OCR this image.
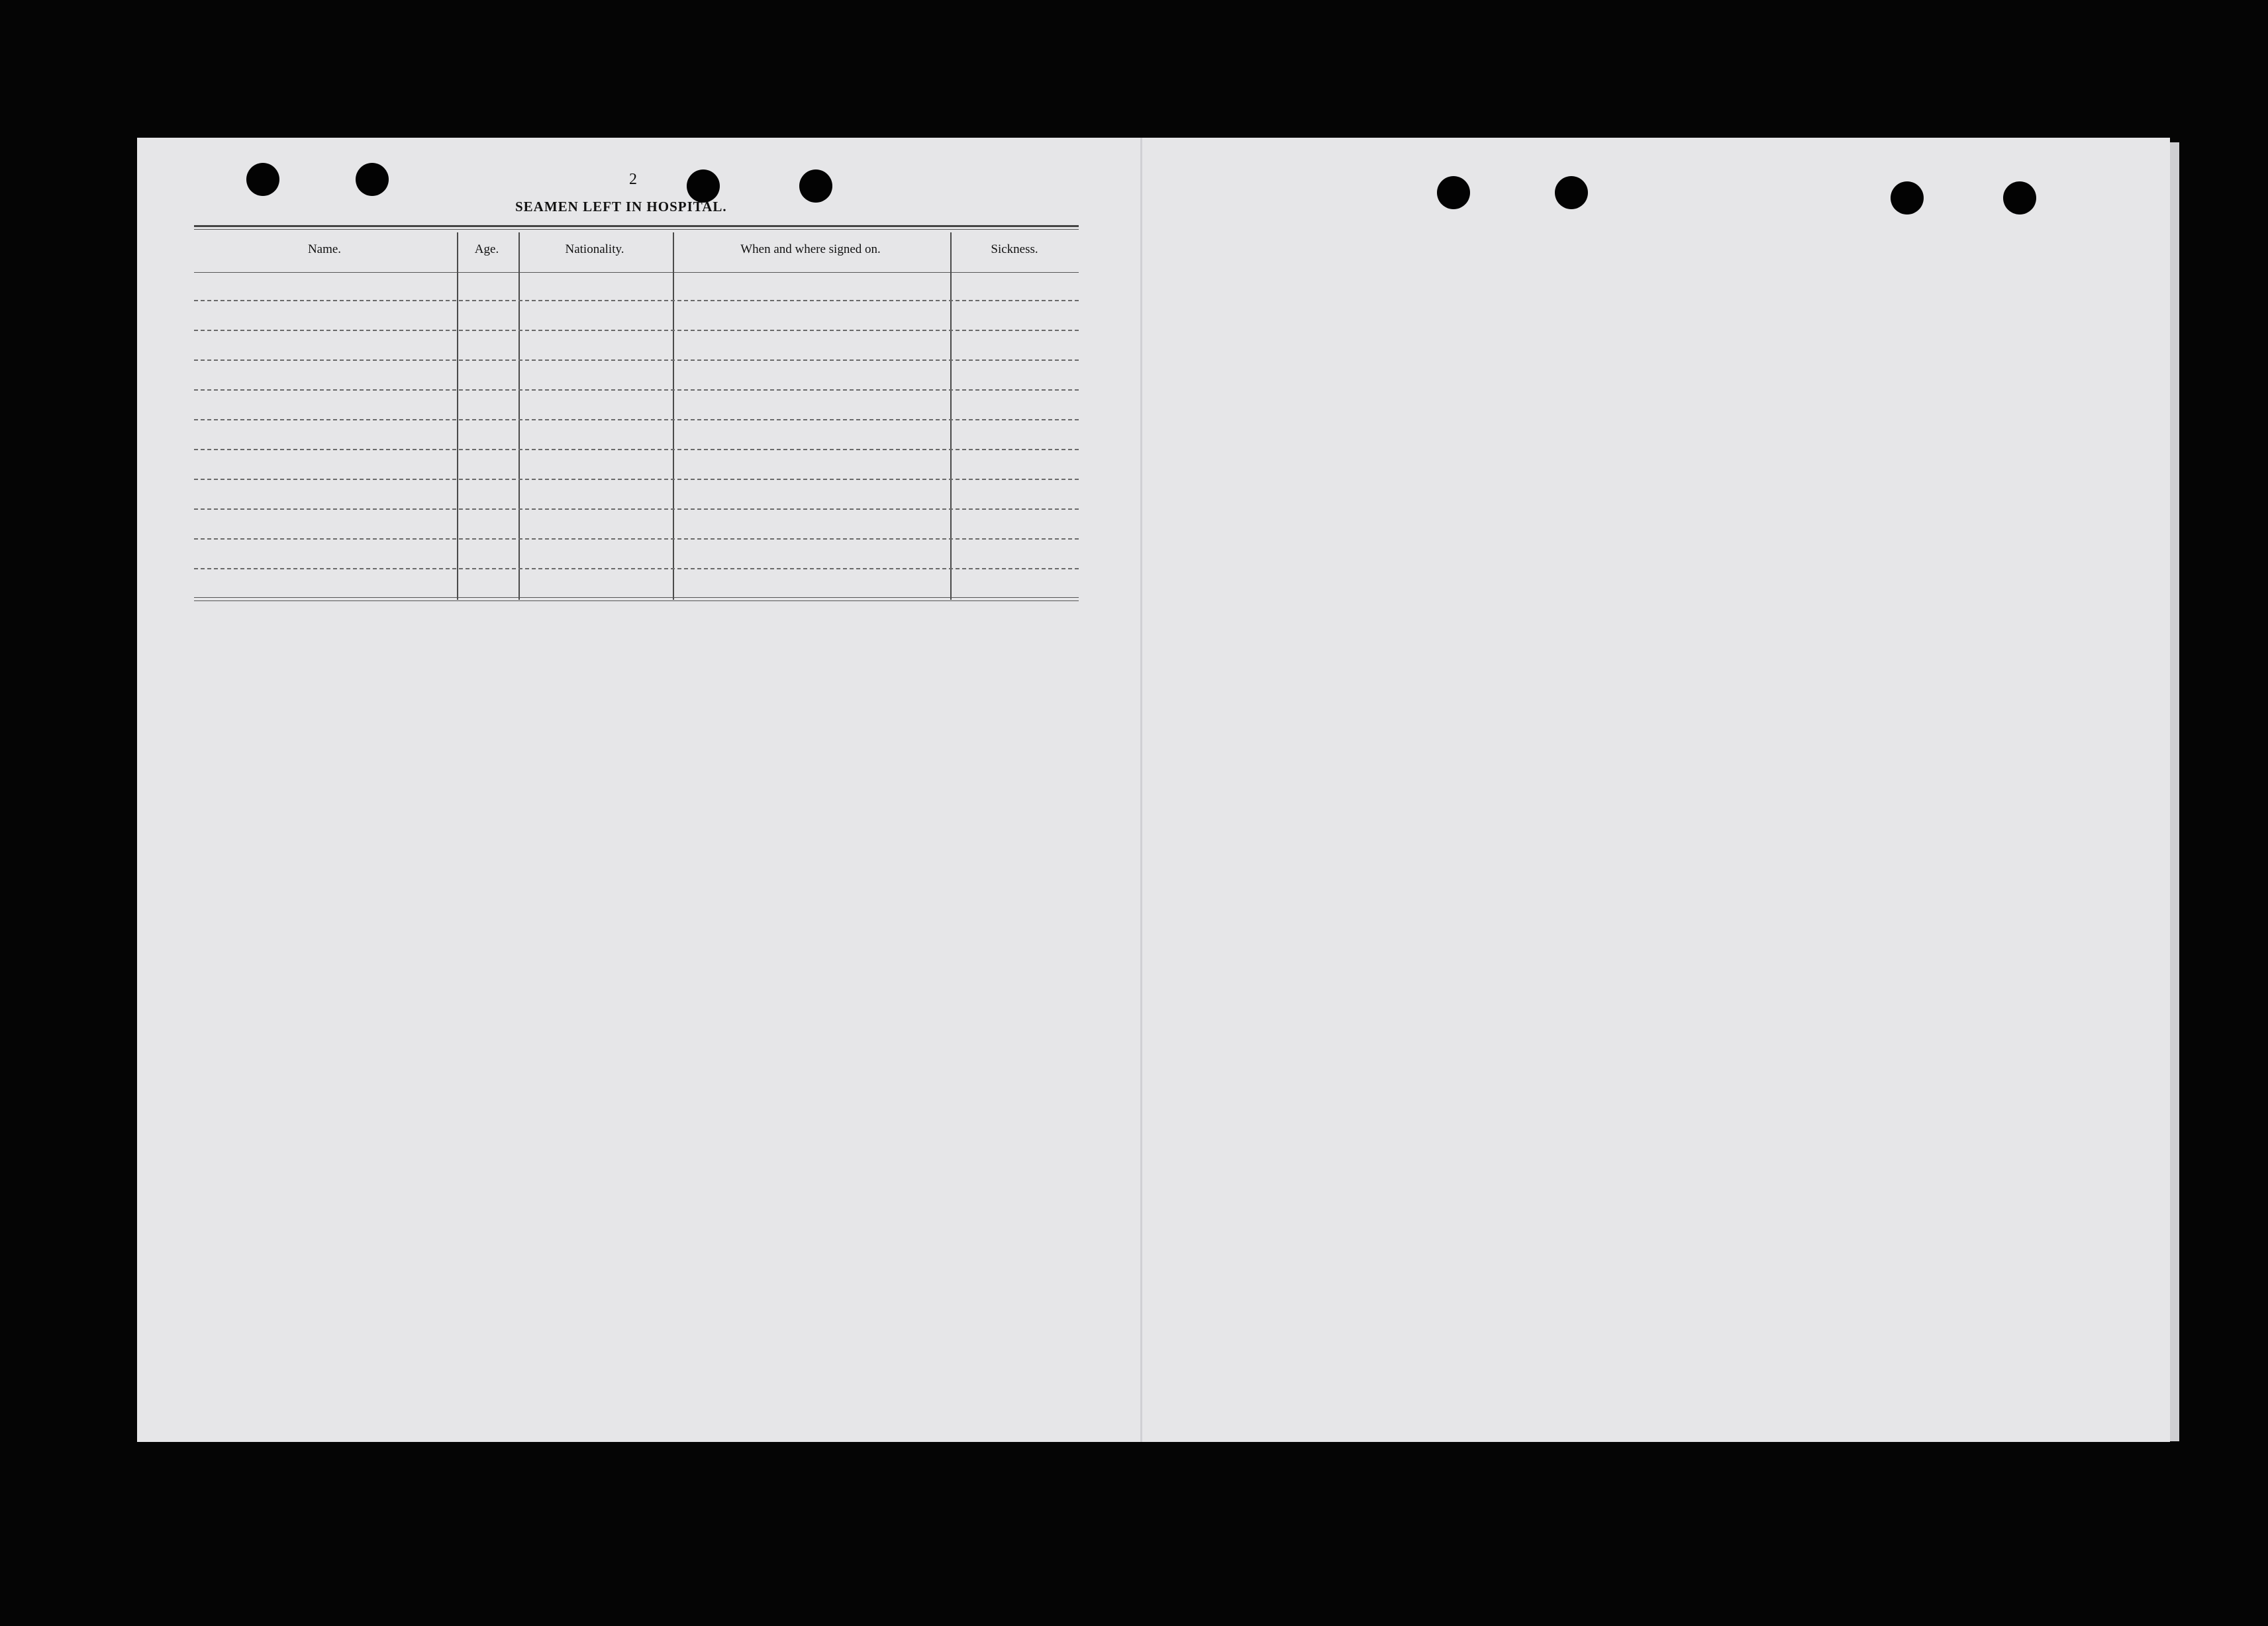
2
SEAMEN LEFT IN HOSPITAL.
Name.	Age.	Nationality.	When and where signed on.	Sickness.
